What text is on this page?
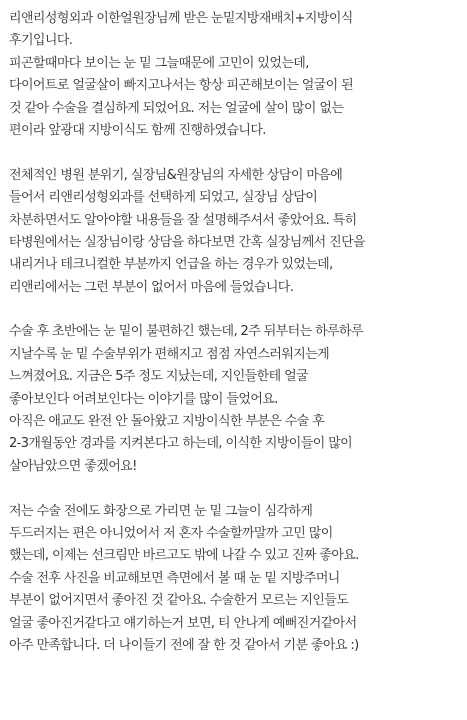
리앤리성형외과 이한얼원장님께 받은 눈밑지방재배치+지방이식
후기입니다.
피곤할때마다 보이는 눈 밑 그늘때문에 고민이 있었는데,
다이어트로 얼굴살이 빠지고나서는 항상 피곤해보이는 얼굴이 된
것 같아 수술을 결심하게 되었어요. 저는 얼굴에 살이 많이 없는
편이라 앞광대 지방이식도 함께 진행하였습니다.
전체적인 병원 분위기, 실장님&원장님의 자세한 상담이 마음에
들어서 리앤리성형외과를 선택하게 되었고, 실장님 상담이
차분하면서도 알아야할 내용들을 잘 설명해주셔서 좋았어요. 특히
타병원에서는 실장님이랑 상담을 하다보면 간혹 실장님께서 진단을
내리거나 테크니컬한 부분까지 언급을 하는 경우가 있었는데,
리앤리에서는 그런 부분이 없어서 마음에 들었습니다.
수술 후 초반에는 눈 밑이 불편하긴 했는데, 2주 뒤부터는 하루하루
지날수록 눈 밑 수술부위가 편해지고 점점 자연스러워지는게
느껴졌어요. 지금은 5주 정도 지났는데, 지인들한테 얼굴
좋아보인다 어려보인다는 이야기를 많이 들었어요.
아직은 애교도 완전 안 돌아왔고 지방이식한 부분은 수술 후
2-3개월동안 경과를 지켜본다고 하는데, 이식한 지방이들이 많이
살아남았으면 좋겠어요!
저는 수술 전에도 화장으로 가리면 눈 밑 그늘이 심각하게
두드러지는 편은 아니었어서 저 혼자 수술할까말까 고민 많이
했는데, 이제는 선크림만 바르고도 밖에 나갈 수 있고 진짜 좋아요.
수술 전후 사진을 비교해보면 측면에서 볼 때 눈 밑 지방주머니
부분이 없어지면서 좋아진 것 같아요. 수술한거 모르는 지인들도
얼굴 좋아진거같다고 얘기하는거 보면, 티 안나게 예뻐진거같아서
아주 만족합니다. 더 나이들기 전에 잘 한 것 같아서 기분 좋아요 :)
